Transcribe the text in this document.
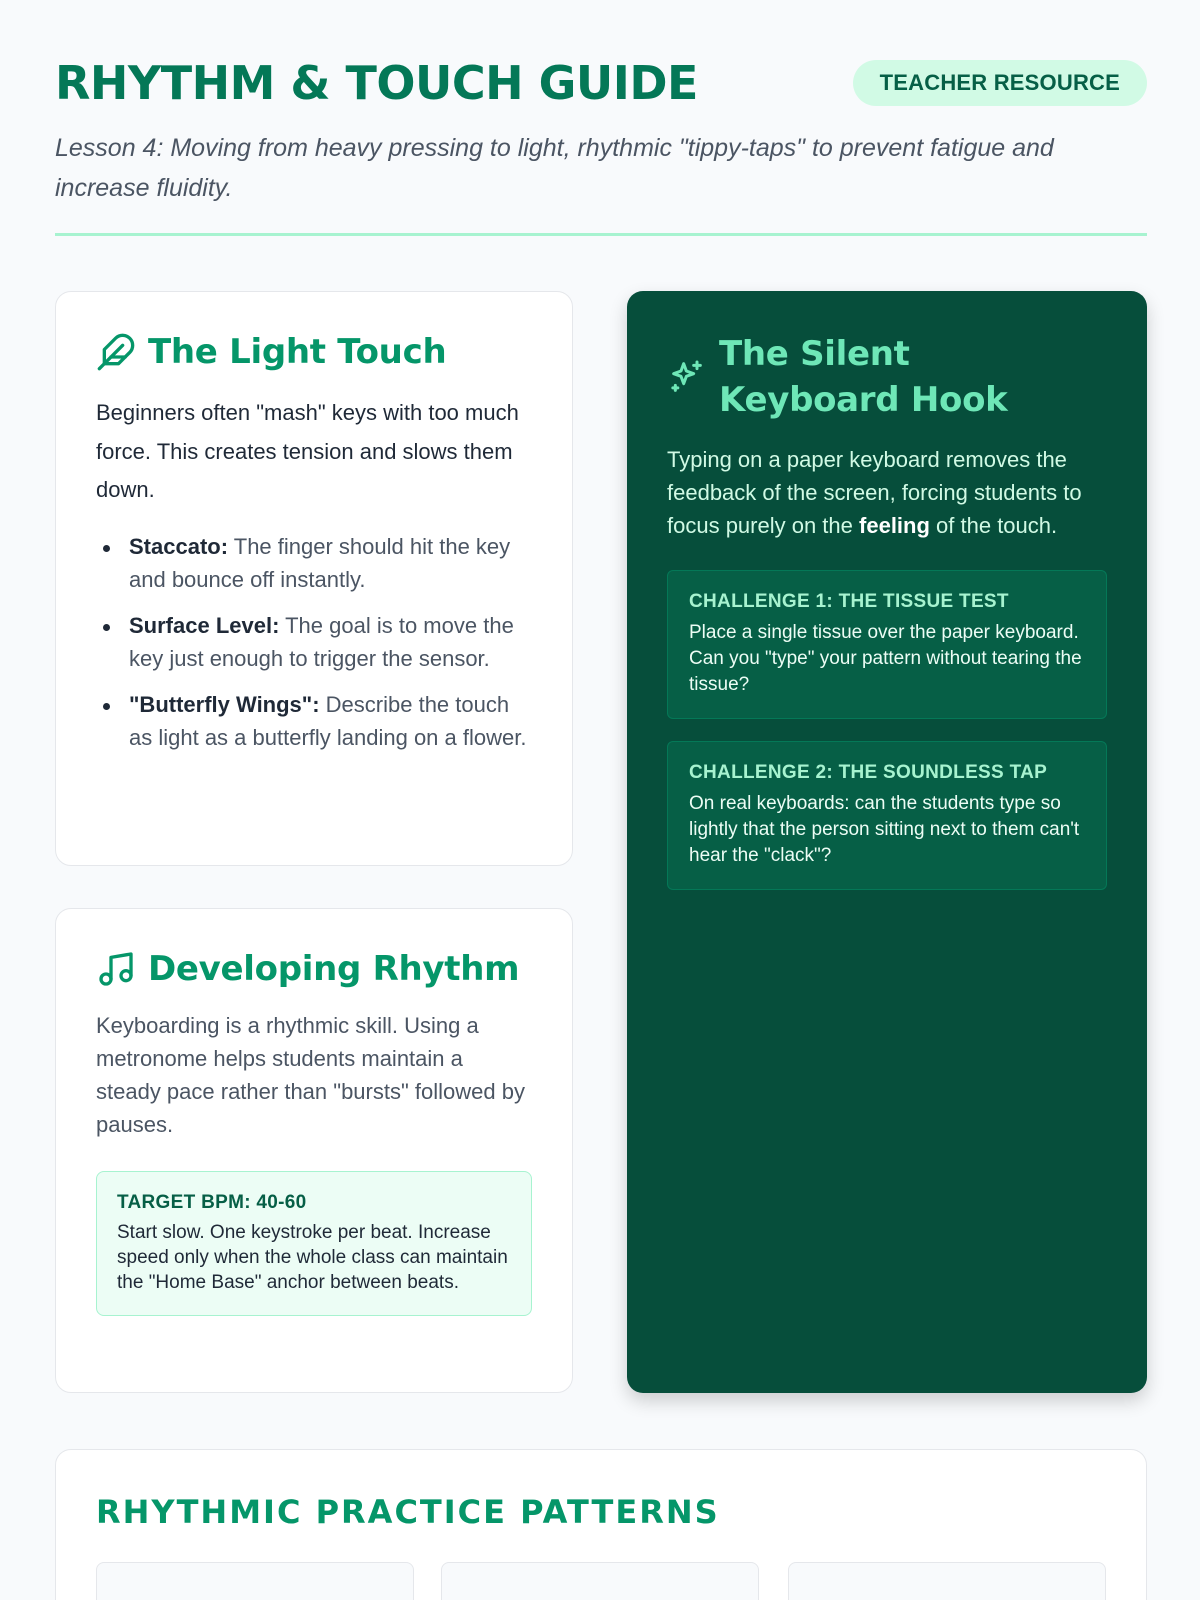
RHYTHM & TOUCH GUIDE	TEACHER RESOURCE
Lesson 4: Moving from heavy pressing to light, rhythmic "tippy-taps" to prevent fatigue and increase fluidity.
The Light Touch

Beginners often "mash" keys with too much force. This creates tension and slows them down.

Staccato: The finger should hit the key and bounce off instantly.
Surface Level: The goal is to move the key just enough to trigger the sensor.
"Butterfly Wings": Describe the touch as light as a butterfly landing on a flower.
Developing Rhythm

Keyboarding is a rhythmic skill. Using a metronome helps students maintain a steady pace rather than "bursts" followed by pauses.

TARGET BPM: 40-60
Start slow. One keystroke per beat. Increase speed only when the whole class can maintain the "Home Base" anchor between beats.
The Silent Keyboard Hook

Typing on a paper keyboard removes the feedback of the screen, forcing students to focus purely on the feeling of the touch.

CHALLENGE 1: THE TISSUE TEST
Place a single tissue over the paper keyboard. Can you "type" your pattern without tearing the tissue?
CHALLENGE 2: THE SOUNDLESS TAP
On real keyboards: can the students type so lightly that the person sitting next to them can't hear the "clack"?
RHYTHMIC PRACTICE PATTERNS
